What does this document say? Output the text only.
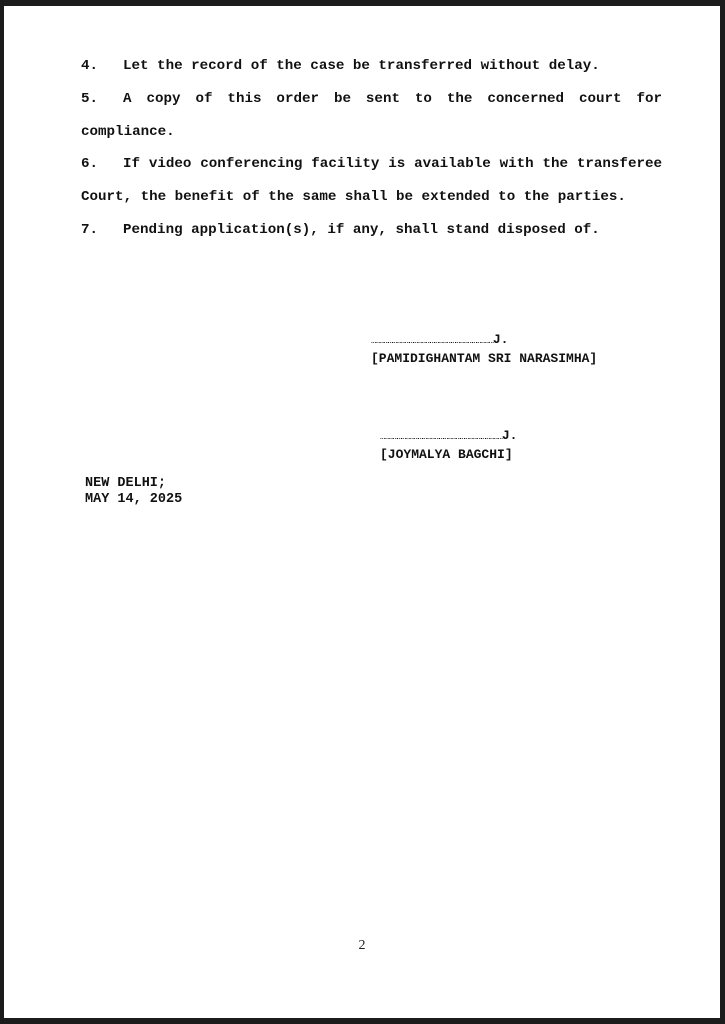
4. Let the record of the case be transferred without delay.

5. A copy of this order be sent to the concerned court for compliance.

6. If video conferencing facility is available with the transferee Court, the benefit of the same shall be extended to the parties.

7. Pending application(s), if any, shall stand disposed of.

……………………………………………………………………………J.
[PAMIDIGHANTAM SRI NARASIMHA]
……………………………………………………………………………J.
[JOYMALYA BAGCHI]
NEW DELHI;
MAY 14, 2025
2
